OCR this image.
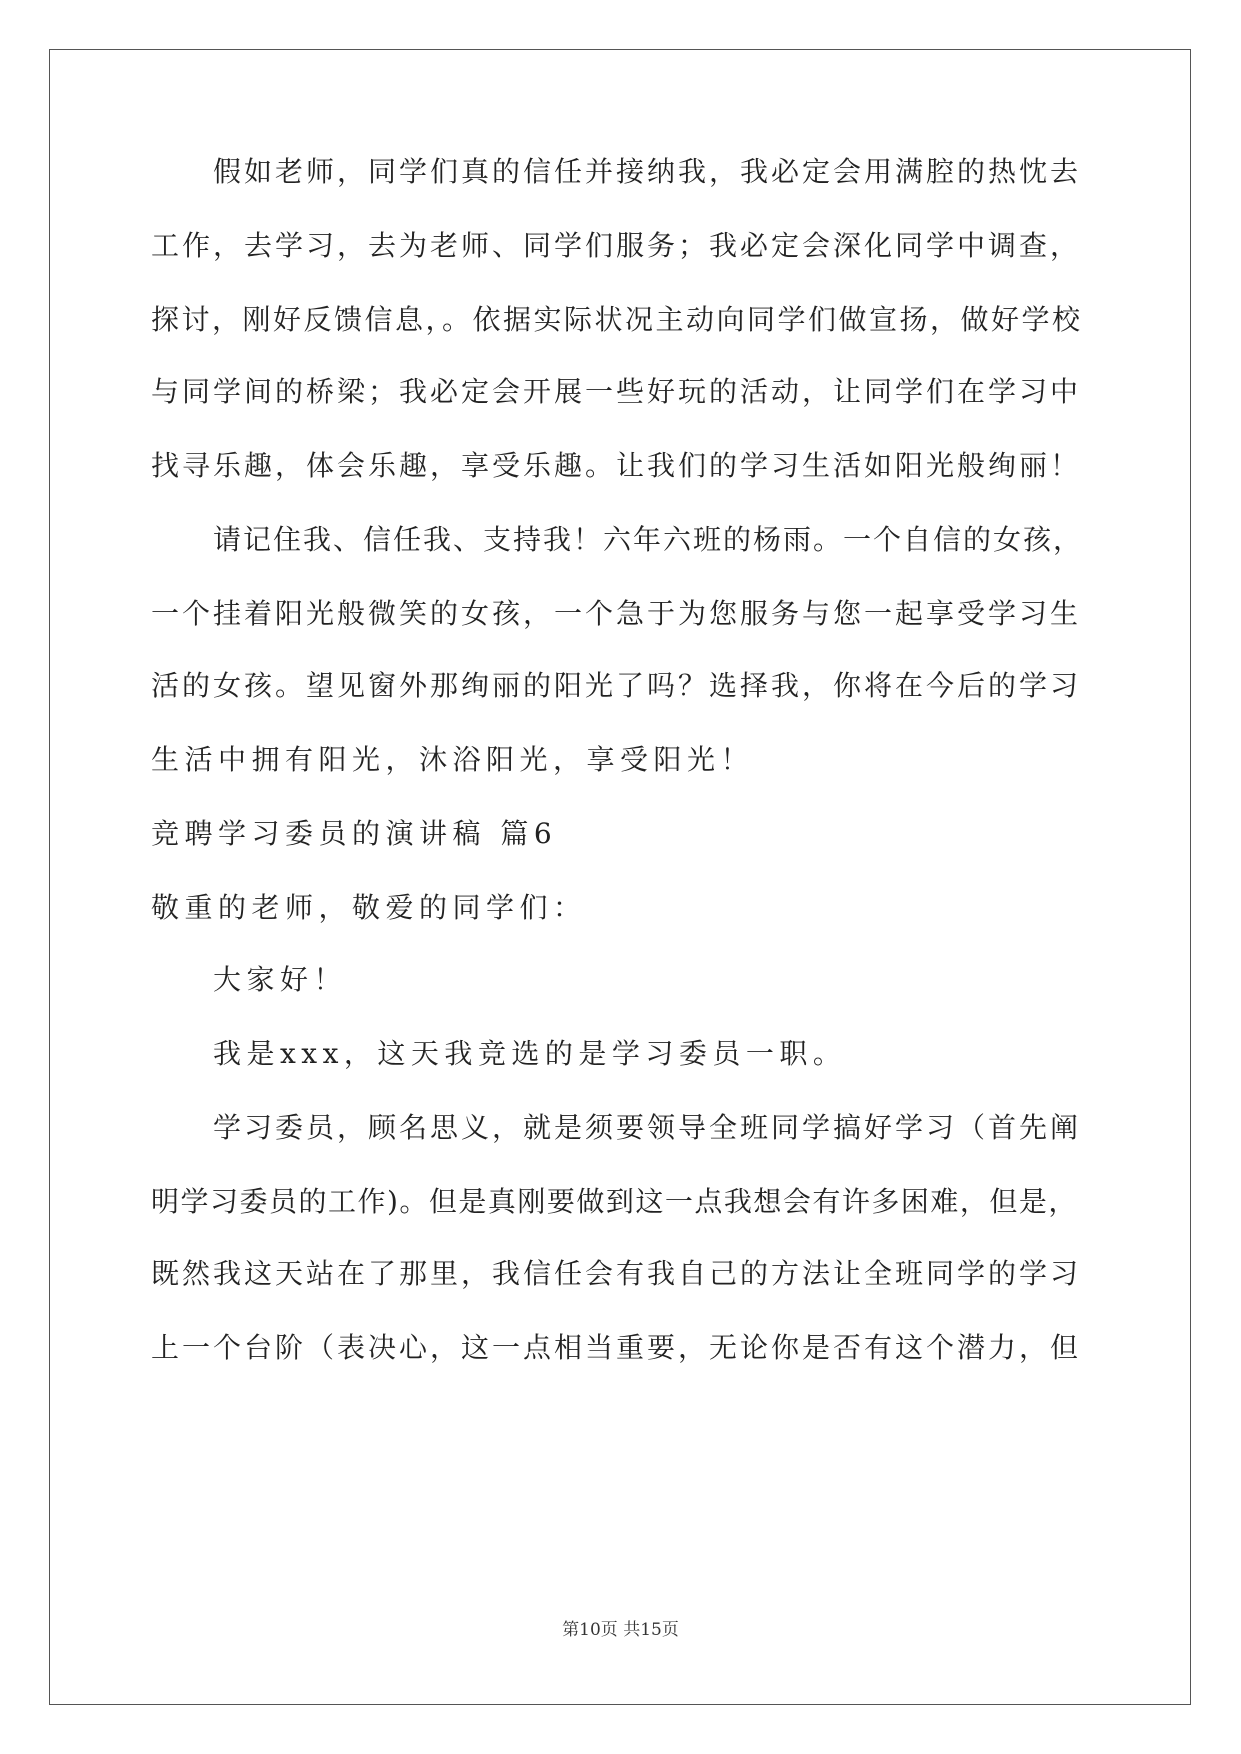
假如老师，同学们真的信任并接纳我，我必定会用满腔的热忱去
工作，去学习，去为老师、同学们服务；我必定会深化同学中调查，
探讨，刚好反馈信息，。依据实际状况主动向同学们做宣扬，做好学校
与同学间的桥梁；我必定会开展一些好玩的活动，让同学们在学习中
找寻乐趣，体会乐趣，享受乐趣。让我们的学习生活如阳光般绚丽！
请记住我、信任我、支持我！六年六班的杨雨。一个自信的女孩，
一个挂着阳光般微笑的女孩，一个急于为您服务与您一起享受学习生
活的女孩。望见窗外那绚丽的阳光了吗？选择我，你将在今后的学习
生活中拥有阳光，沐浴阳光，享受阳光！
竞聘学习委员的演讲稿 篇6
敬重的老师，敬爱的同学们：
大家好！
我是xxx，这天我竞选的是学习委员一职。
学习委员，顾名思义，就是须要领导全班同学搞好学习（首先阐
明学习委员的工作)。但是真刚要做到这一点我想会有许多困难，但是，
既然我这天站在了那里，我信任会有我自己的方法让全班同学的学习
上一个台阶（表决心，这一点相当重要，无论你是否有这个潜力，但
第10页 共15页
